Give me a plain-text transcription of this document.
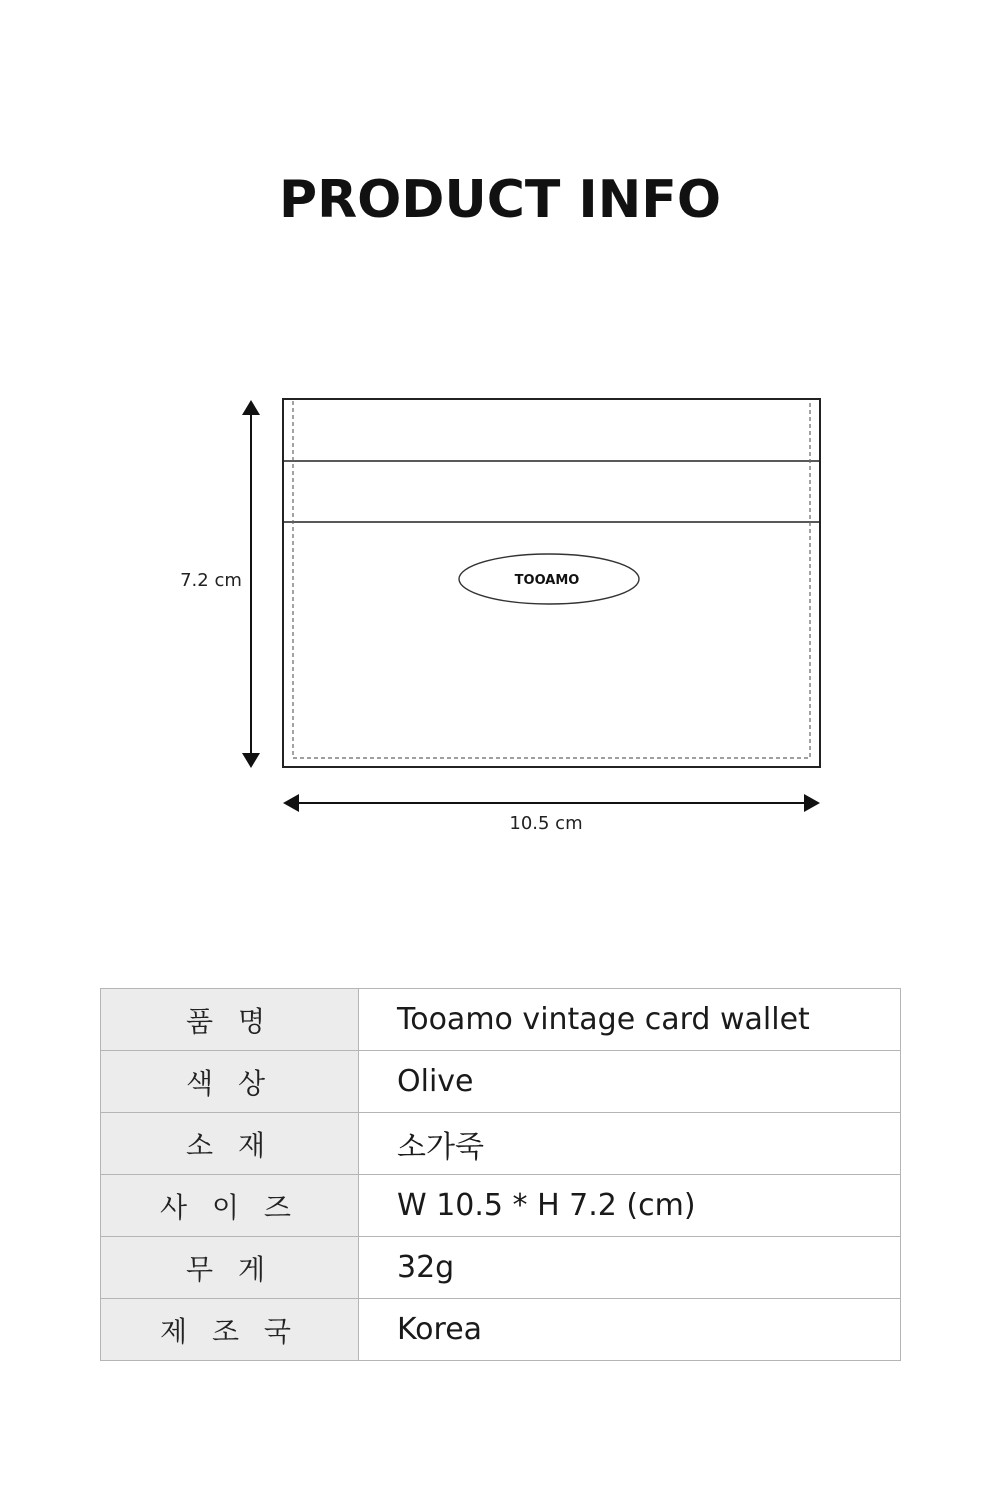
PRODUCT INFO
TOOAMO
7.2 cm
10.5 cm
품 명	Tooamo vintage card wallet
색 상	Olive
소 재	소가죽
사 이 즈	W 10.5 * H 7.2 (cm)
무 게	32g
제 조 국	Korea
